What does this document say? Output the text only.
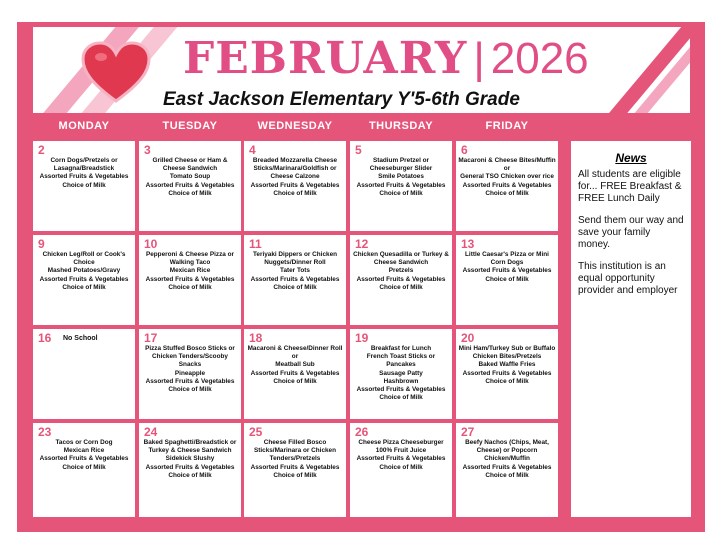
FEBRUARY | 2026
East Jackson Elementary Y'5-6th Grade
MONDAY	TUESDAY	WEDNESDAY	THURSDAY	FRIDAY
2
Corn Dogs/Pretzels or Lasagna/Breadstick
Assorted Fruits & Vegetables
Choice of Milk
3
Grilled Cheese or Ham & Cheese Sandwich
Tomato Soup
Assorted Fruits & Vegetables
Choice of Milk
4
Breaded Mozzarella Cheese Sticks/Marinara/Goldfish or Cheese Calzone
Assorted Fruits & Vegetables
Choice of Milk
5
Stadium Pretzel or Cheeseburger Slider
Smile Potatoes
Assorted Fruits & Vegetables
Choice of Milk
6
Macaroni & Cheese Bites/Muffin or
General TSO Chicken over rice
Assorted Fruits & Vegetables
Choice of Milk
9
Chicken Leg/Roll or Cook's Choice
Mashed Potatoes/Gravy
Assorted Fruits & Vegetables
Choice of Milk
10
Pepperoni & Cheese Pizza or Walking Taco
Mexican Rice
Assorted Fruits & Vegetables
Choice of Milk
11
Teriyaki Dippers or Chicken Nuggets/Dinner Roll
Tater Tots
Assorted Fruits & Vegetables
Choice of Milk
12
Chicken Quesadilla or Turkey & Cheese Sandwich
Pretzels
Assorted Fruits & Vegetables
Choice of Milk
13
Little Caesar's Pizza or Mini Corn Dogs
Assorted Fruits & Vegetables
Choice of Milk
16 No School	17
Pizza Stuffed Bosco Sticks or Chicken Tenders/Scooby Snacks
Pineapple
Assorted Fruits & Vegetables
Choice of Milk
18
Macaroni & Cheese/Dinner Roll or
Meatball Sub
Assorted Fruits & Vegetables
Choice of Milk
19
Breakfast for Lunch
French Toast Sticks or Pancakes
Sausage Patty
Hashbrown
Assorted Fruits & Vegetables
Choice of Milk
20
Mini Ham/Turkey Sub or Buffalo Chicken Bites/Pretzels
Baked Waffle Fries
Assorted Fruits & Vegetables
Choice of Milk
23
Tacos or Corn Dog
Mexican Rice
Assorted Fruits & Vegetables
Choice of Milk
24
Baked Spaghetti/Breadstick or Turkey & Cheese Sandwich
Sidekick Slushy
Assorted Fruits & Vegetables
Choice of Milk
25
Cheese Filled Bosco Sticks/Marinara or Chicken Tenders/Pretzels
Assorted Fruits & Vegetables
Choice of Milk
26
Cheese Pizza Cheeseburger
100% Fruit Juice
Assorted Fruits & Vegetables
Choice of Milk
27
Beefy Nachos (Chips, Meat, Cheese) or Popcorn Chicken/Muffin
Assorted Fruits & Vegetables
Choice of Milk
News
All students are eligible for... FREE Breakfast & FREE Lunch Daily
Send them our way and save your family money.
This institution is an equal opportunity provider and employer
